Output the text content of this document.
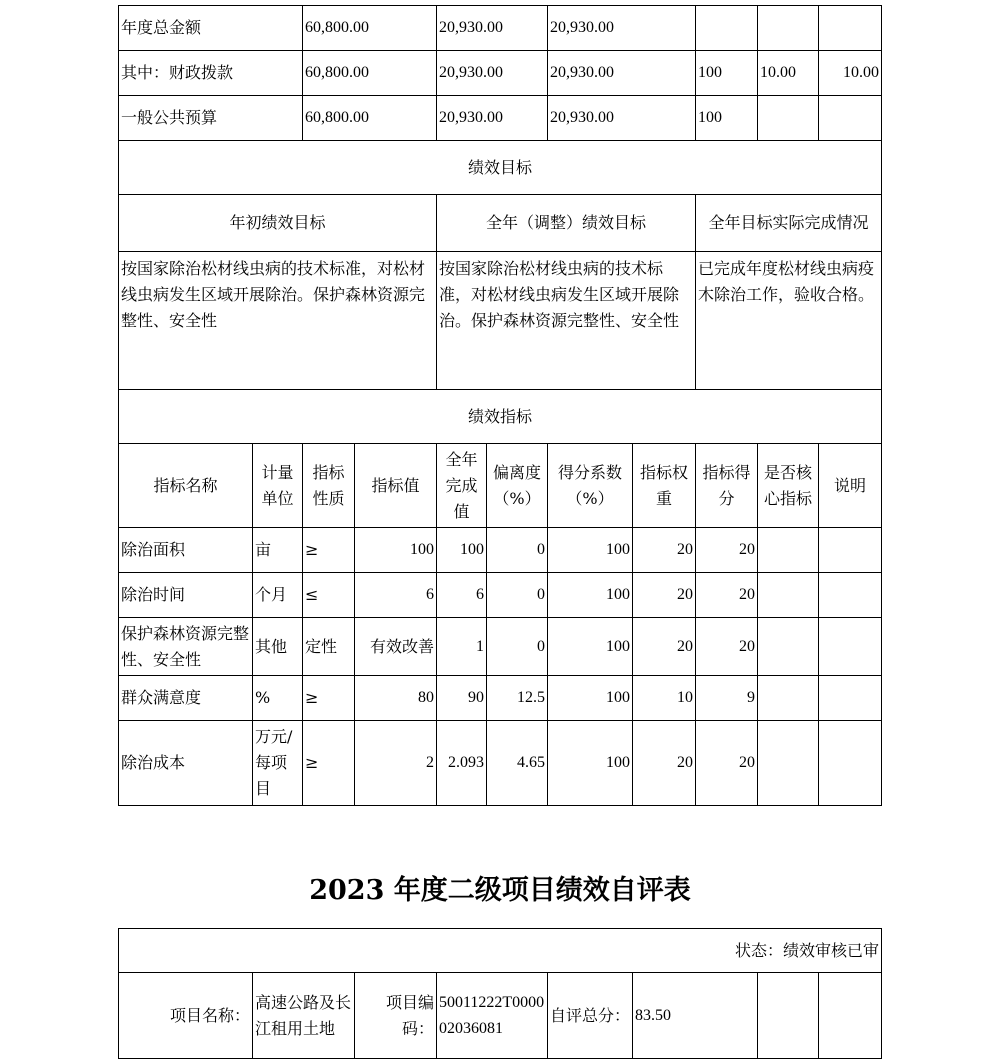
年度总金额		60,800.00		20,930.00		20,930.00				
其中：财政拨款		60,800.00		20,930.00		20,930.00		100	10.00	10.00
一般公共预算		60,800.00		20,930.00		20,930.00		100		
绩效目标										
年初绩效目标				全年（调整）绩效目标				全年目标实际完成情况		
按国家除治松材线虫病的技术标准，对松材线虫病发生区域开展除治。保护森林资源完整性、安全性				按国家除治松材线虫病的技术标准，对松材线虫病发生区域开展除治。保护森林资源完整性、安全性				已完成年度松材线虫病疫木除治工作，验收合格。		
绩效指标										
指标名称	计量单位	指标性质	指标值	全年完成值	偏离度（%）	得分系数（%）	指标权重	指标得分	是否核心指标	说明
除治面积	亩	≥	100	100	0	100	20	20		
除治时间	个月	≤	6	6	0	100	20	20		
保护森林资源完整性、安全性	其他	定性	有效改善	1	0	100	20	20		
群众满意度	%	≥	80	90	12.5	100	10	9		
除治成本	万元/每项目	≥	2	2.093	4.65	100	20	20		
2023 年度二级项目绩效自评表
状态：绩效审核已审
项目名称：	高速公路及长江租用土地	项目编码：	50011222T000002036081	自评总分：	83.50		
